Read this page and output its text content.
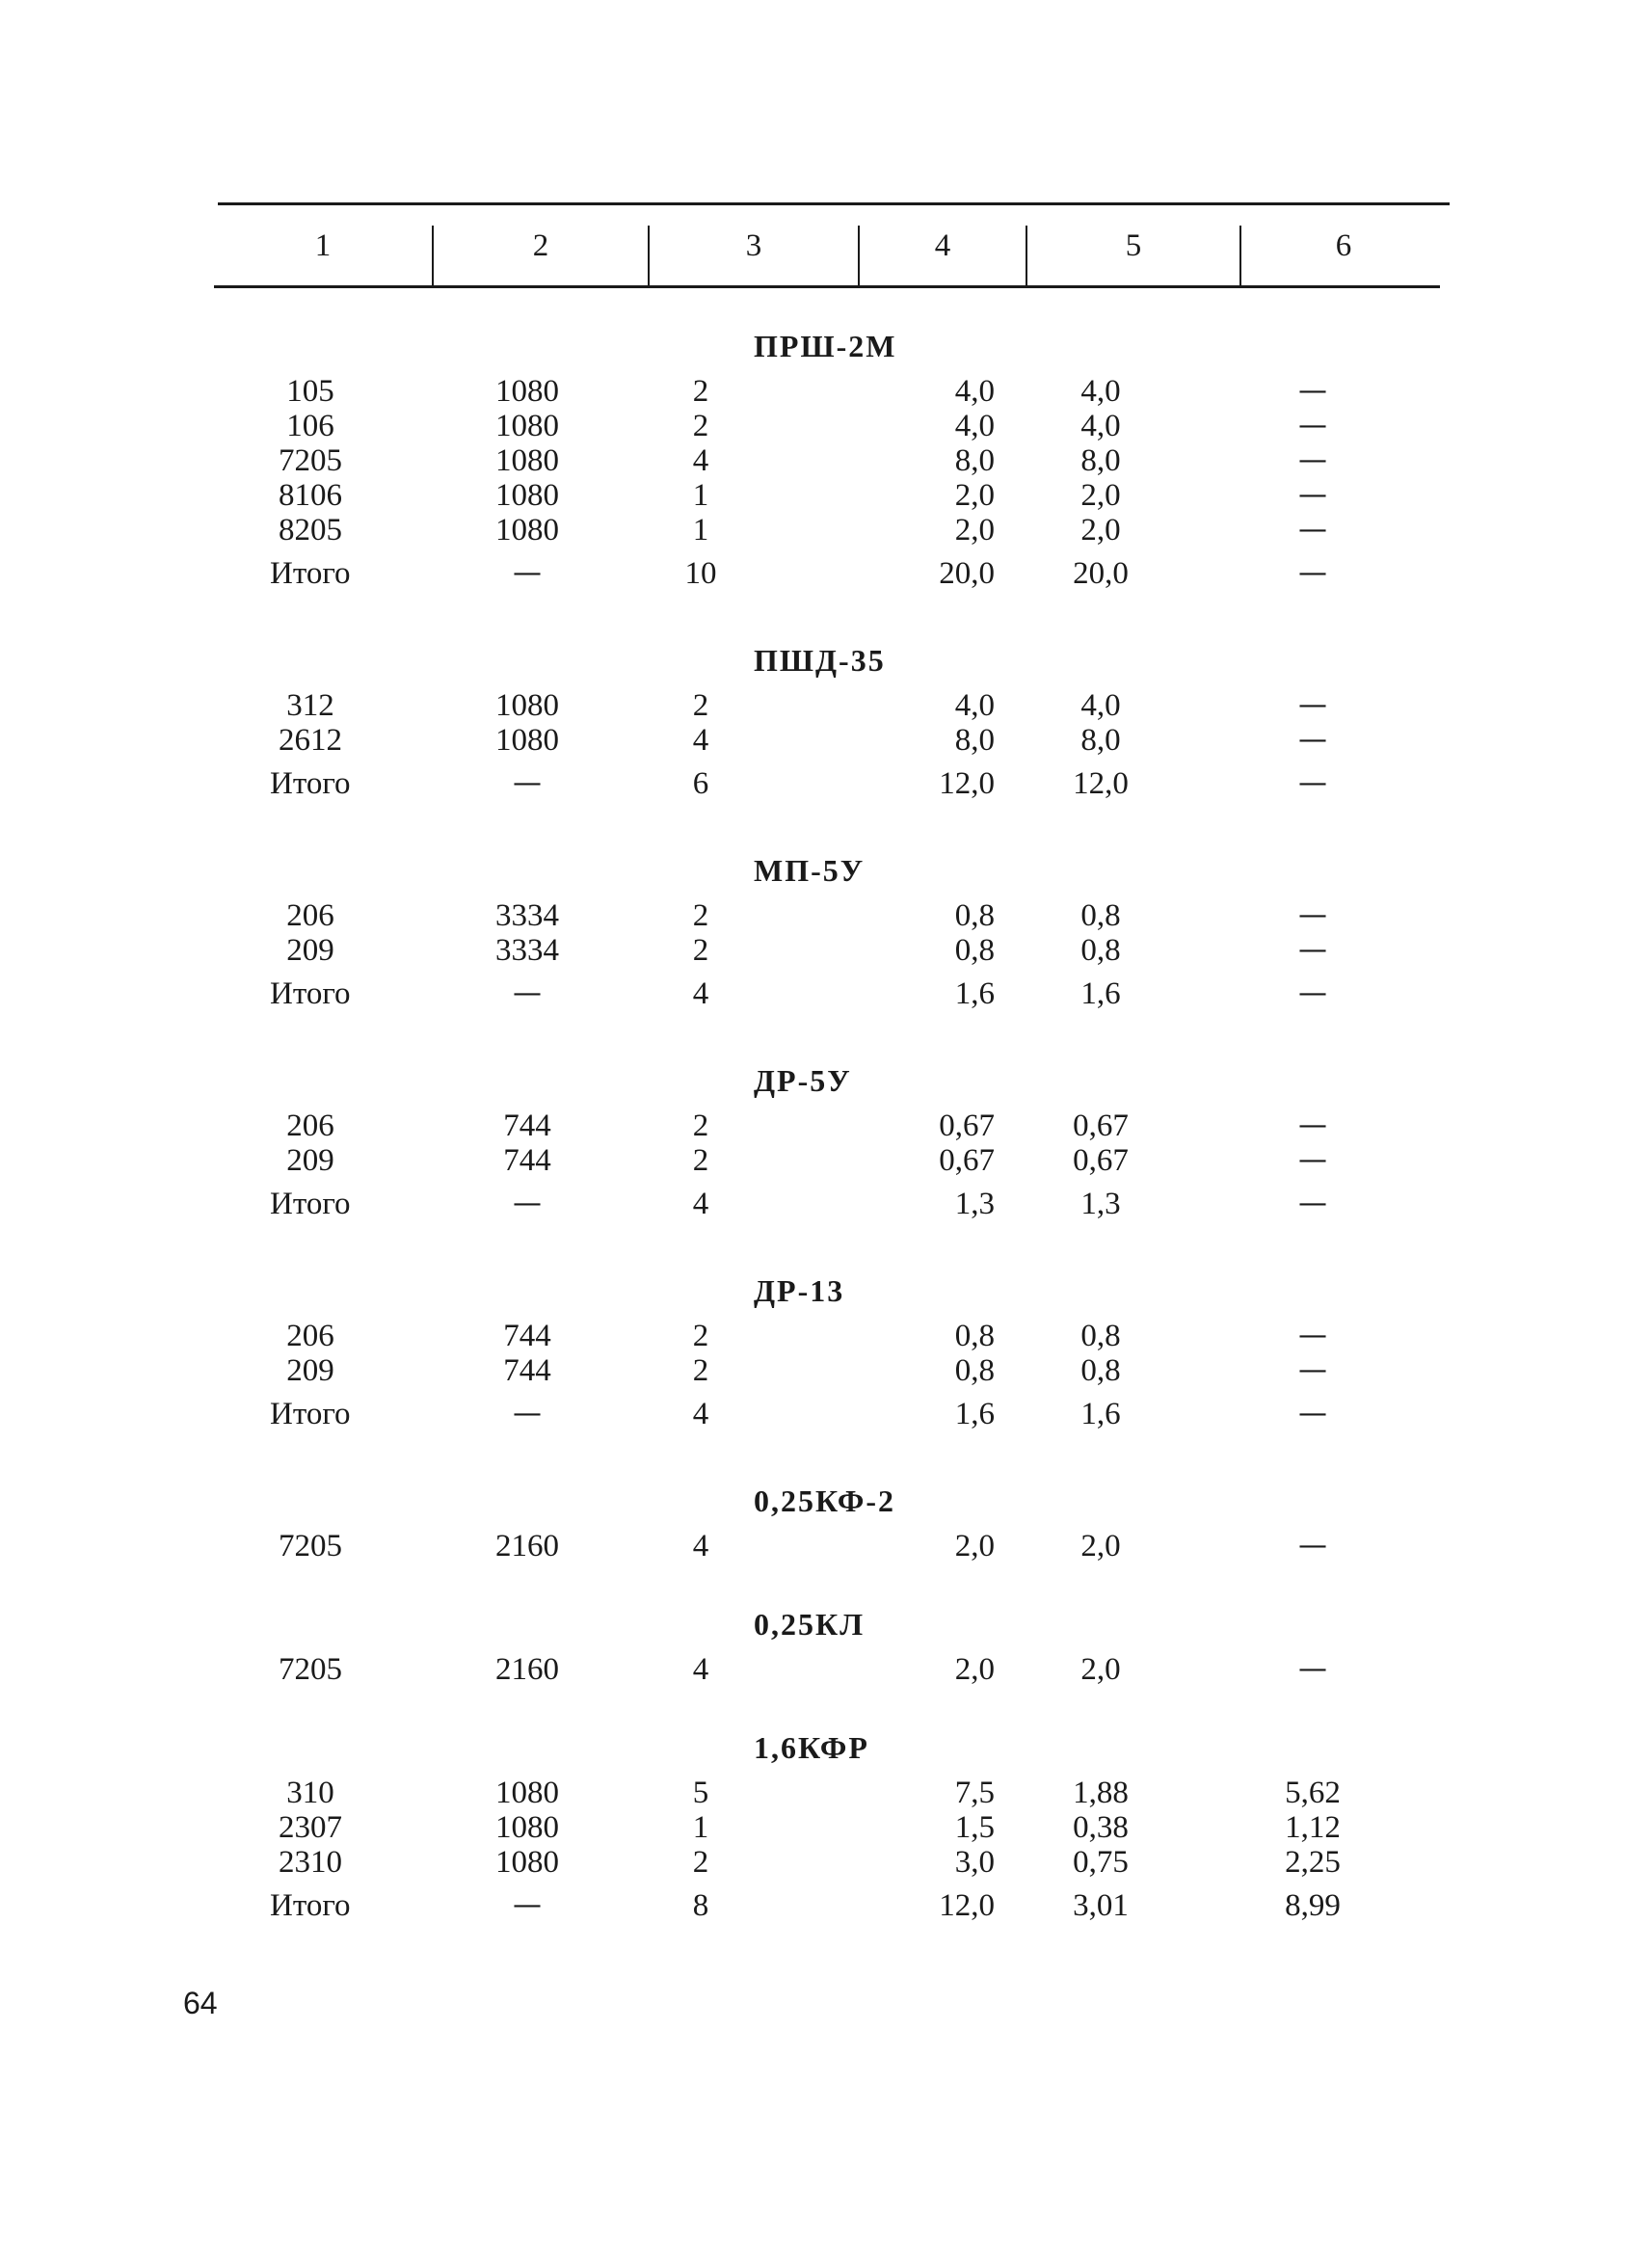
1	2	3	4	5	6
ПРШ-2М
105	1080	2	4,0	4,0	—
106	1080	2	4,0	4,0	—
7205	1080	4	8,0	8,0	—
8106	1080	1	2,0	2,0	—
8205	1080	1	2,0	2,0	—
Итого	—	10	20,0	20,0	—
ПШД-35
312	1080	2	4,0	4,0	—
2612	1080	4	8,0	8,0	—
Итого	—	6	12,0	12,0	—
МП-5У
206	3334	2	0,8	0,8	—
209	3334	2	0,8	0,8	—
Итого	—	4	1,6	1,6	—
ДР-5У
206	744	2	0,67	0,67	—
209	744	2	0,67	0,67	—
Итого	—	4	1,3	1,3	—
ДР-13
206	744	2	0,8	0,8	—
209	744	2	0,8	0,8	—
Итого	—	4	1,6	1,6	—
0,25КФ-2
7205	2160	4	2,0	2,0	—
0,25КЛ
7205	2160	4	2,0	2,0	—
1,6КФР
310	1080	5	7,5	1,88	5,62
2307	1080	1	1,5	0,38	1,12
2310	1080	2	3,0	0,75	2,25
Итого	—	8	12,0	3,01	8,99
64
